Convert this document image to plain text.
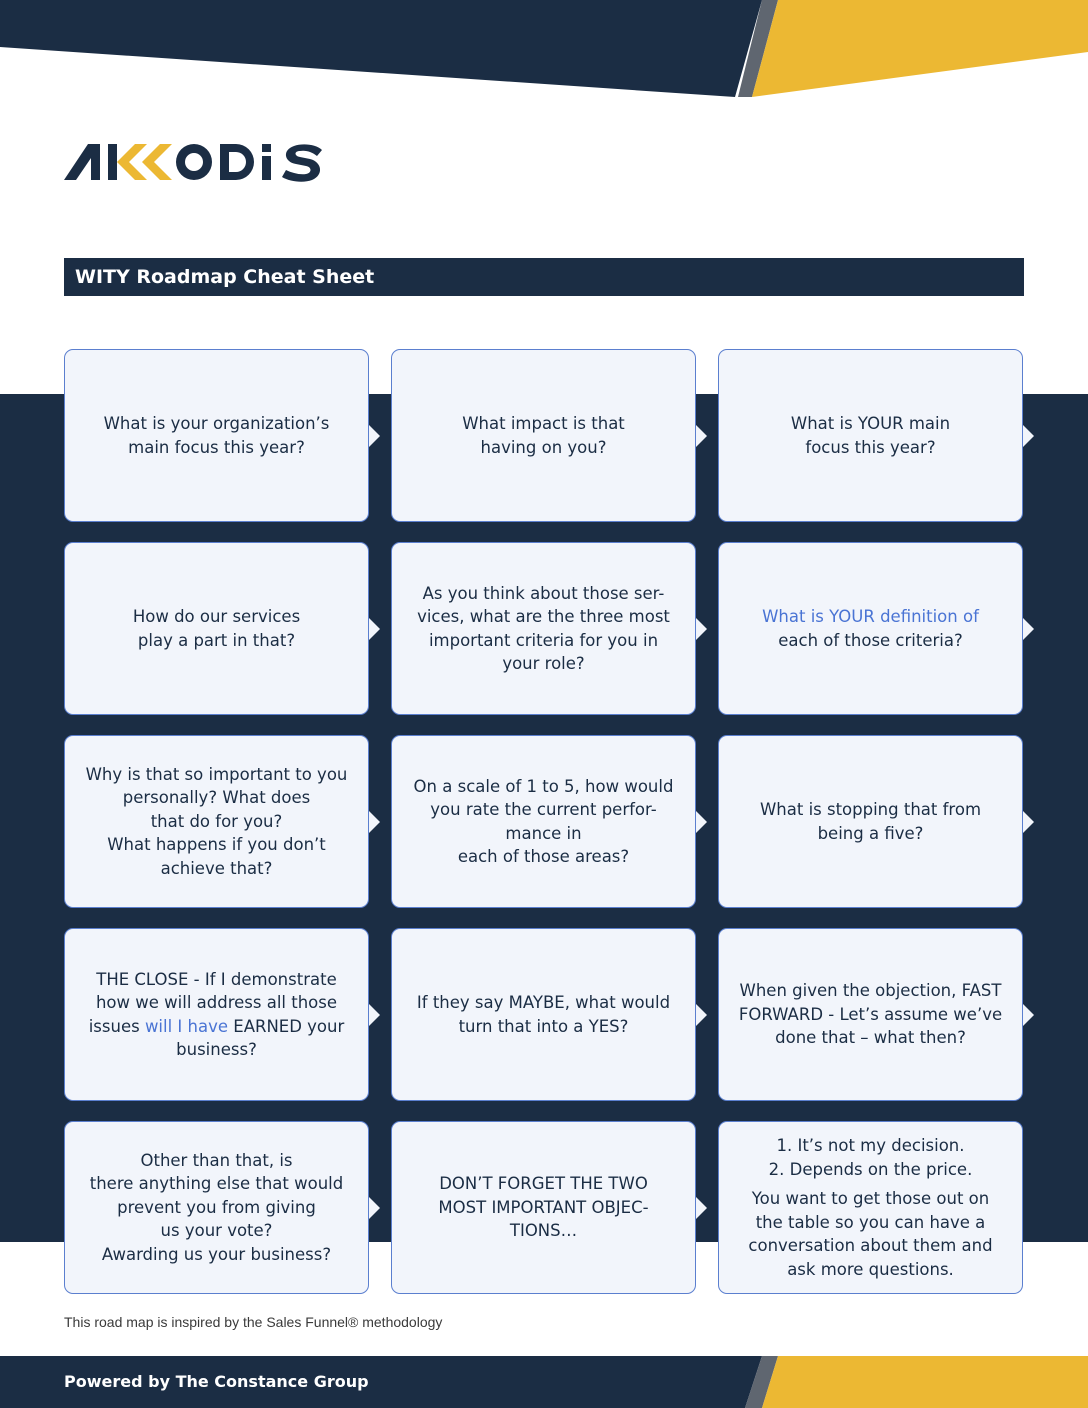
WITY Roadmap Cheat Sheet
What is your organization’s
main focus this year?
What impact is that
having on you?
What is YOUR main
focus this year?
How do our services
play a part in that?
As you think about those ser-
vices, what are the three most
important criteria for you in
your role?
What is YOUR definition of
each of those criteria?
Why is that so important to you
personally? What does
that do for you?
What happens if you don’t
achieve that?
On a scale of 1 to 5, how would
you rate the current perfor-
mance in
each of those areas?
What is stopping that from
being a five?
THE CLOSE - If I demonstrate
how we will address all those
issues will I have EARNED your
business?
If they say MAYBE, what would
turn that into a YES?
When given the objection, FAST
FORWARD - Let’s assume we’ve
done that – what then?
Other than that, is
there anything else that would
prevent you from giving
us your vote?
Awarding us your business?
DON’T FORGET THE TWO
MOST IMPORTANT OBJEC-
TIONS…
1. It’s not my decision.
2. Depends on the price.
You want to get those out on
the table so you can have a
conversation about them and
ask more questions.
This road map is inspired by the Sales Funnel® methodology
Powered by The Constance Group
